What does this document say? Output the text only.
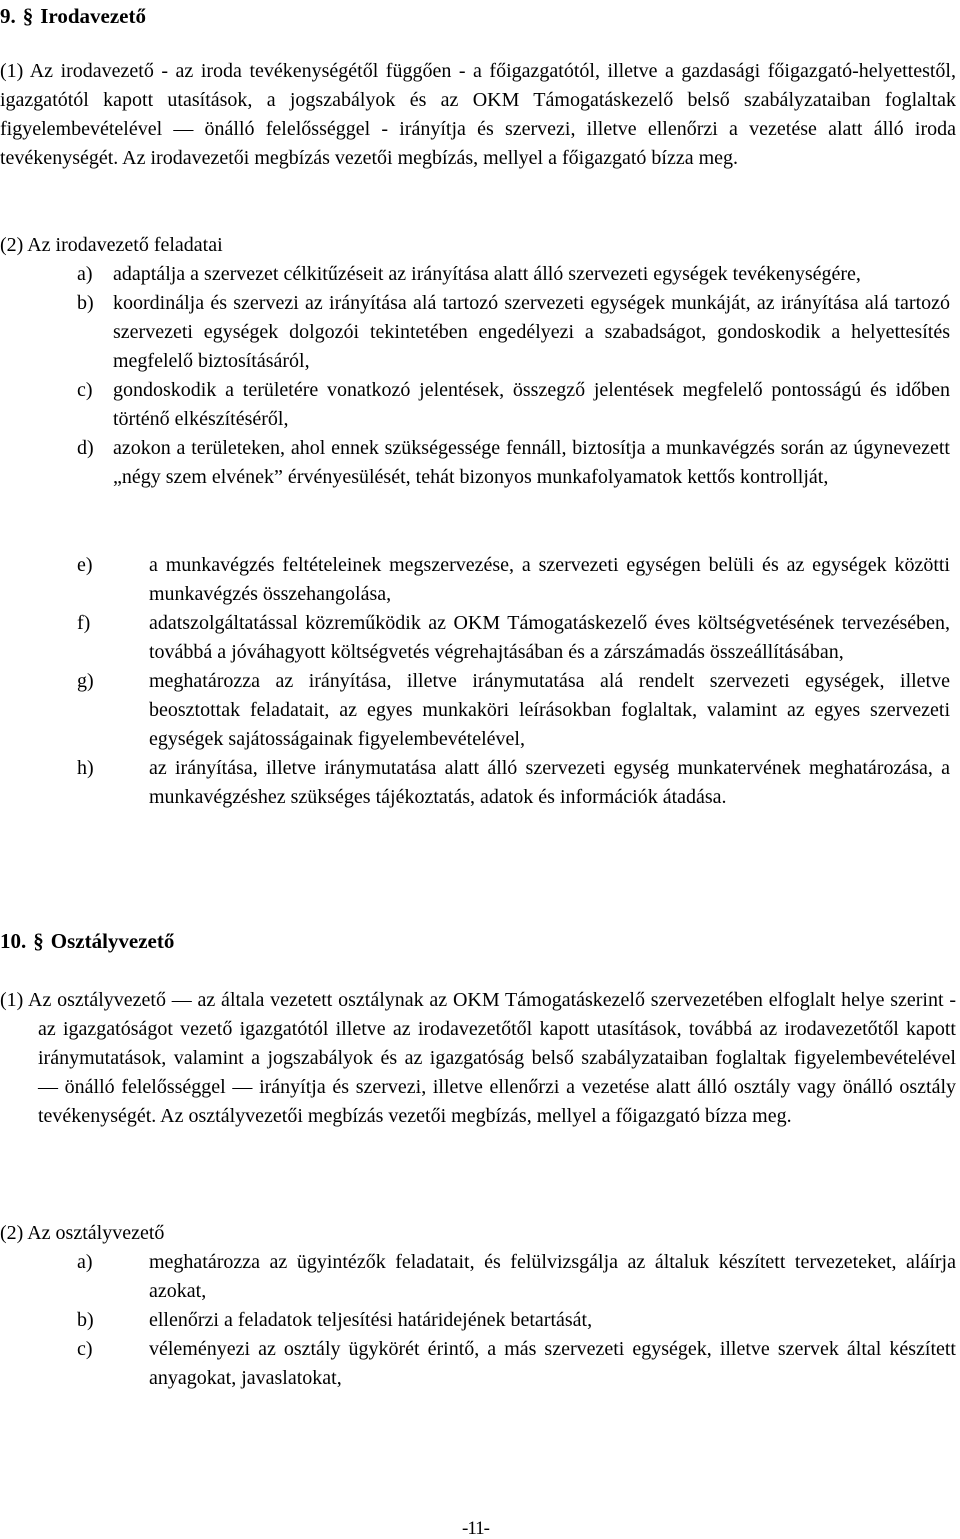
9. § Irodavezető
(1) Az irodavezető - az iroda tevékenységétől függően - a főigazgatótól, illetve a gazdasági főigazgató-helyettestől, igazgatótól kapott utasítások, a jogszabályok és az OKM Támogatáskezelő belső szabályzataiban foglaltak figyelembevételével — önálló felelősséggel - irányítja és szervezi, illetve ellenőrzi a vezetése alatt álló iroda tevékenységét. Az irodavezetői megbízás vezetői megbízás, mellyel a főigazgató bízza meg.
(2) Az irodavezető feladatai
a) adaptálja a szervezet célkitűzéseit az irányítása alatt álló szervezeti egységek tevékenységére,
b) koordinálja és szervezi az irányítása alá tartozó szervezeti egységek munkáját, az irányítása alá tartozó szervezeti egységek dolgozói tekintetében engedélyezi a szabadságot, gondoskodik a helyettesítés megfelelő biztosításáról,
c) gondoskodik a területére vonatkozó jelentések, összegző jelentések megfelelő pontosságú és időben történő elkészítéséről,
d) azokon a területeken, ahol ennek szükségessége fennáll, biztosítja a munkavégzés során az úgynevezett „négy szem elvének” érvényesülését, tehát bizonyos munkafolyamatok kettős kontrollját,
e)	a munkavégzés feltételeinek megszervezése, a szervezeti egységen belüli és az egységek közötti munkavégzés összehangolása,
f)	adatszolgáltatással közreműködik az OKM Támogatáskezelő éves költségvetésének tervezésében, továbbá a jóváhagyott költségvetés végrehajtásában és a zárszámadás összeállításában,
g)	meghatározza az irányítása, illetve iránymutatása alá rendelt szervezeti egységek, illetve beosztottak feladatait, az egyes munkaköri leírásokban foglaltak, valamint az egyes szervezeti egységek sajátosságainak figyelembevételével,
h)	az irányítása, illetve iránymutatása alatt álló szervezeti egység munkatervének meghatározása, a munkavégzéshez szükséges tájékoztatás, adatok és információk átadása.
10. § Osztályvezető
(1) Az osztályvezető — az általa vezetett osztálynak az OKM Támogatáskezelő szervezetében elfoglalt helye szerint - az igazgatóságot vezető igazgatótól illetve az irodavezetőtől kapott utasítások, továbbá az irodavezetőtől kapott iránymutatások, valamint a jogszabályok és az igazgatóság belső szabályzataiban foglaltak figyelembevételével — önálló felelősséggel — irányítja és szervezi, illetve ellenőrzi a vezetése alatt álló osztály vagy önálló osztály tevékenységét. Az osztályvezetői megbízás vezetői megbízás, mellyel a főigazgató bízza meg.
(2) Az osztályvezető
a)	meghatározza az ügyintézők feladatait, és felülvizsgálja az általuk készített tervezeteket, aláírja azokat,
b)	ellenőrzi a feladatok teljesítési határidejének betartását,
c)	véleményezi az osztály ügykörét érintő, a más szervezeti egységek, illetve szervek által készített anyagokat, javaslatokat,
-11-
